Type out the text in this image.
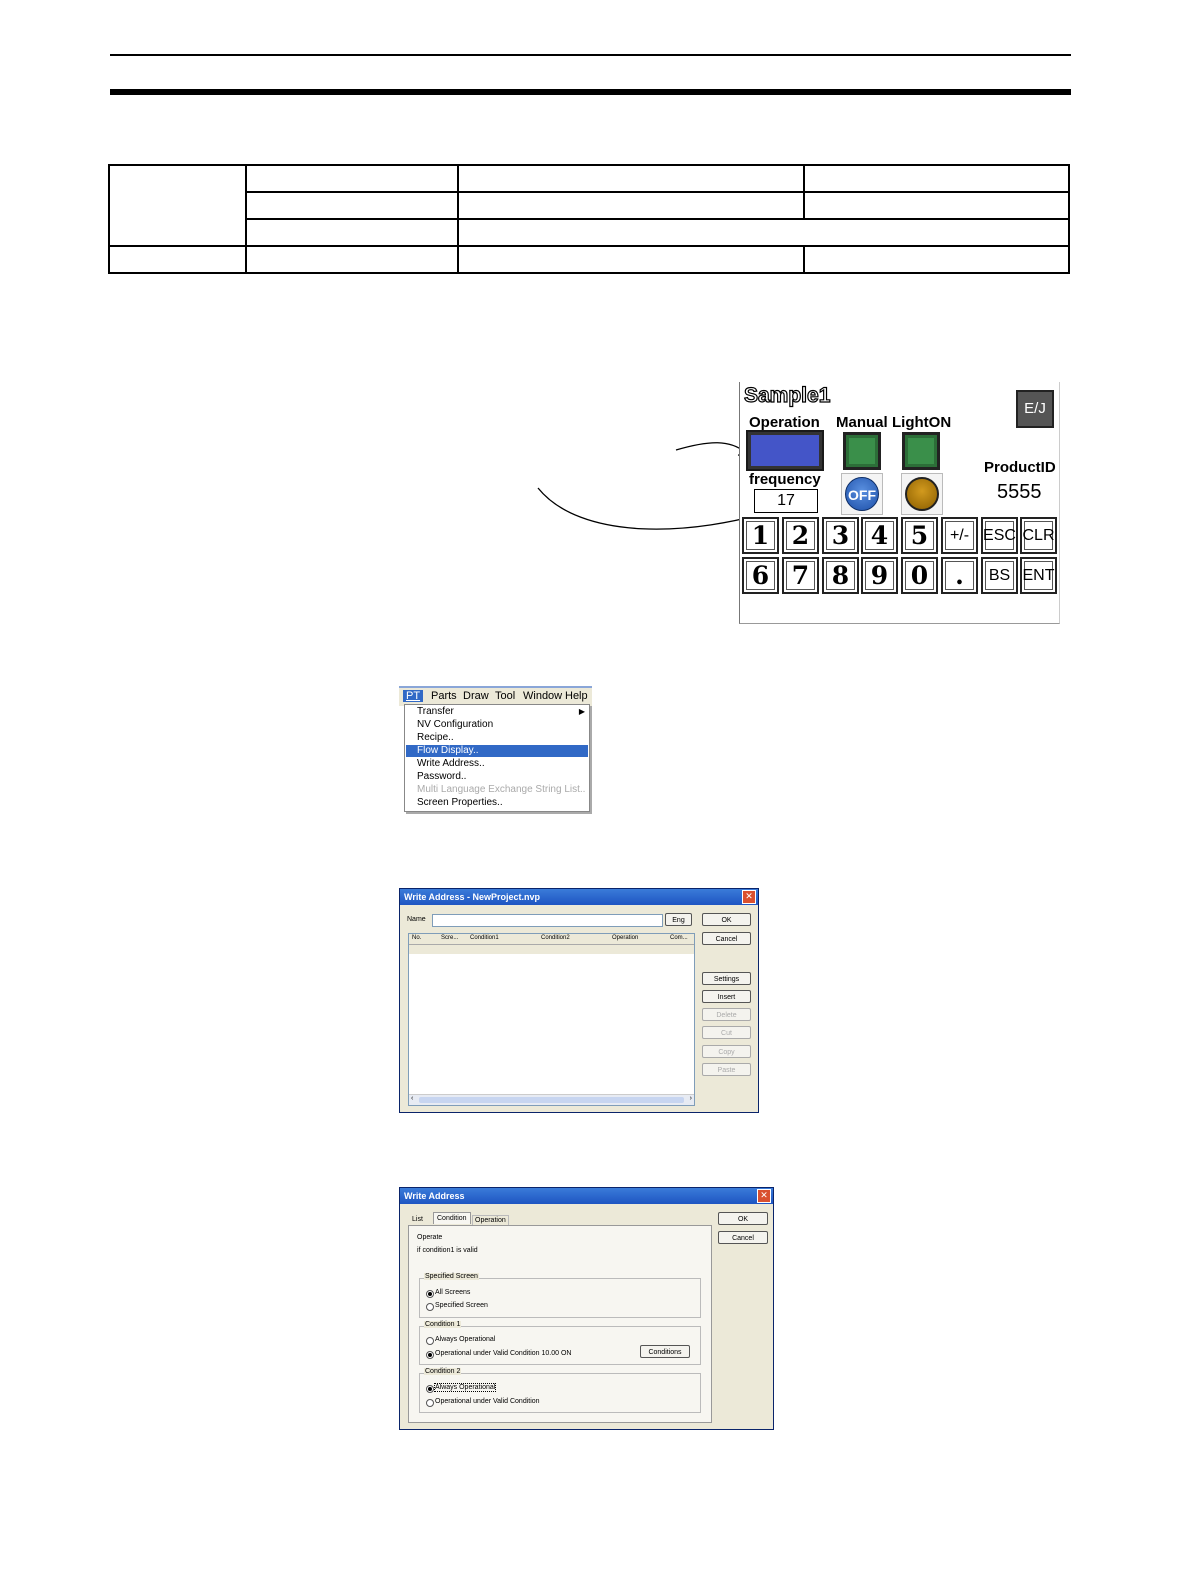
Sample1
Operation Manual LightON
E/J
frequency
17	OFF
ProductID
5555
1 2 3 4 5	+/- ESC CLR
6 7 8 9 0	.	BS ENT
PT Parts Draw Tool Window Help
Transfer	▶
NV Configuration
Recipe..
Flow Display..
Write Address..
Password..
Multi Language Exchange String List..
Screen Properties..
Write Address - NewProject.nvp	✕
Name	Eng	OK
Cancel
No.	Scre... Condition1	Condition2	Operation	Com...
‹	›
Settings
Insert
Delete
Cut
Copy
Paste
Write Address	✕
List	Condition	Operation
Operate
if condition1 is valid
Specified Screen
All Screens
Specified Screen
Condition 1
Always Operational
Operational under Valid Condition 10.00 ON	Conditions
Condition 2
Always Operational
Operational under Valid Condition
OK
Cancel
